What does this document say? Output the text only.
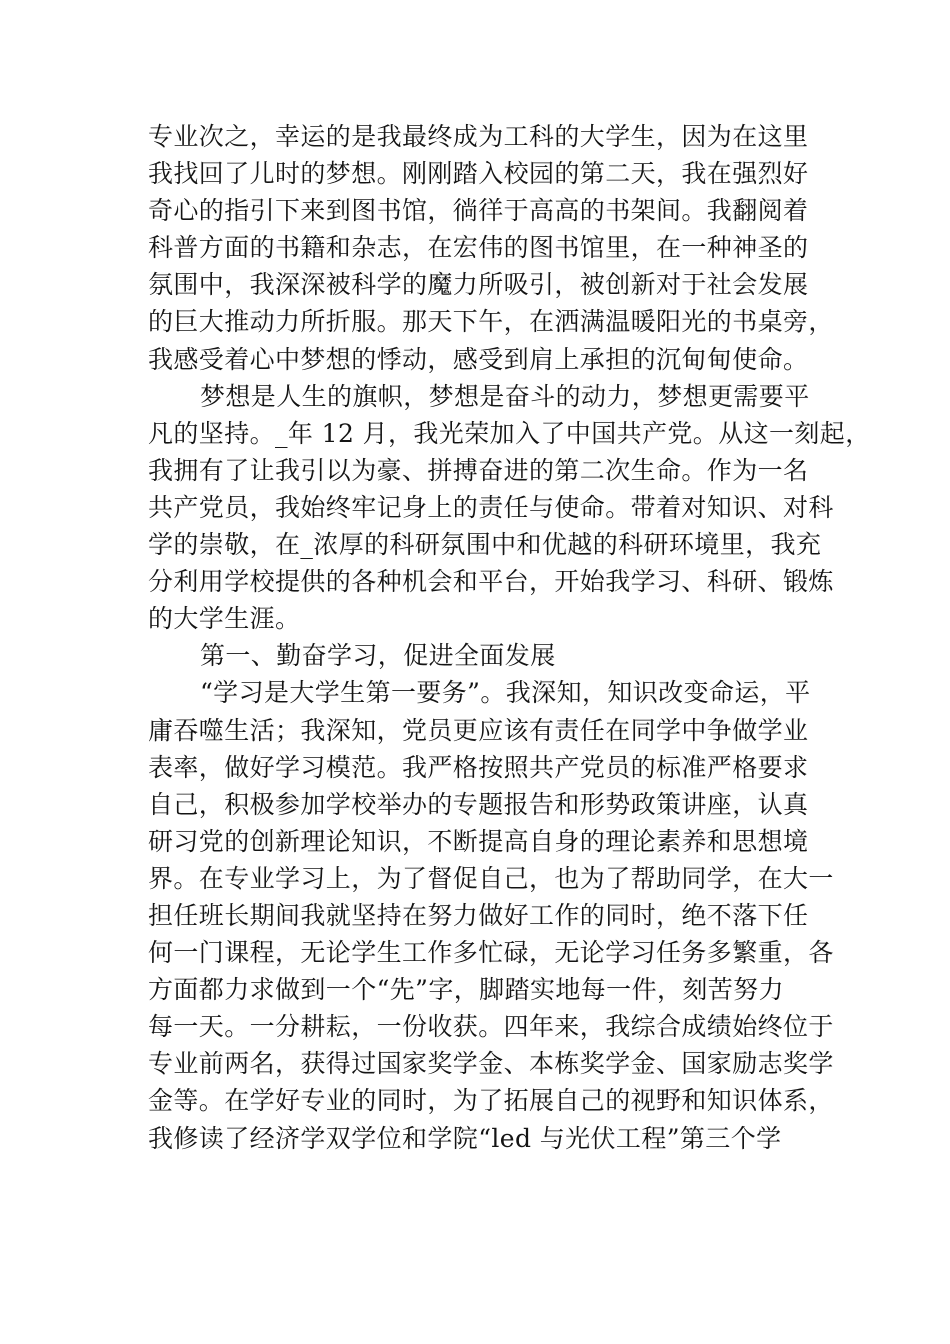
专业次之，幸运的是我最终成为工科的大学生，因为在这里
我找回了儿时的梦想。刚刚踏入校园的第二天，我在强烈好
奇心的指引下来到图书馆，徜徉于高高的书架间。我翻阅着
科普方面的书籍和杂志，在宏伟的图书馆里，在一种神圣的
氛围中，我深深被科学的魔力所吸引，被创新对于社会发展
的巨大推动力所折服。那天下午，在洒满温暖阳光的书桌旁，
我感受着心中梦想的悸动，感受到肩上承担的沉甸甸使命。
梦想是人生的旗帜，梦想是奋斗的动力，梦想更需要平
凡的坚持。_年 12 月，我光荣加入了中国共产党。从这一刻起，
我拥有了让我引以为豪、拼搏奋进的第二次生命。作为一名
共产党员，我始终牢记身上的责任与使命。带着对知识、对科
学的崇敬，在_浓厚的科研氛围中和优越的科研环境里，我充
分利用学校提供的各种机会和平台，开始我学习、科研、锻炼
的大学生涯。
第一、勤奋学习，促进全面发展
“学习是大学生第一要务”。我深知，知识改变命运，平
庸吞噬生活；我深知，党员更应该有责任在同学中争做学业
表率，做好学习模范。我严格按照共产党员的标准严格要求
自己，积极参加学校举办的专题报告和形势政策讲座，认真
研习党的创新理论知识，不断提高自身的理论素养和思想境
界。在专业学习上，为了督促自己，也为了帮助同学，在大一
担任班长期间我就坚持在努力做好工作的同时，绝不落下任
何一门课程，无论学生工作多忙碌，无论学习任务多繁重，各
方面都力求做到一个“先”字，脚踏实地每一件，刻苦努力
每一天。一分耕耘，一份收获。四年来，我综合成绩始终位于
专业前两名，获得过国家奖学金、本栋奖学金、国家励志奖学
金等。在学好专业的同时，为了拓展自己的视野和知识体系，
我修读了经济学双学位和学院“led 与光伏工程”第三个学
